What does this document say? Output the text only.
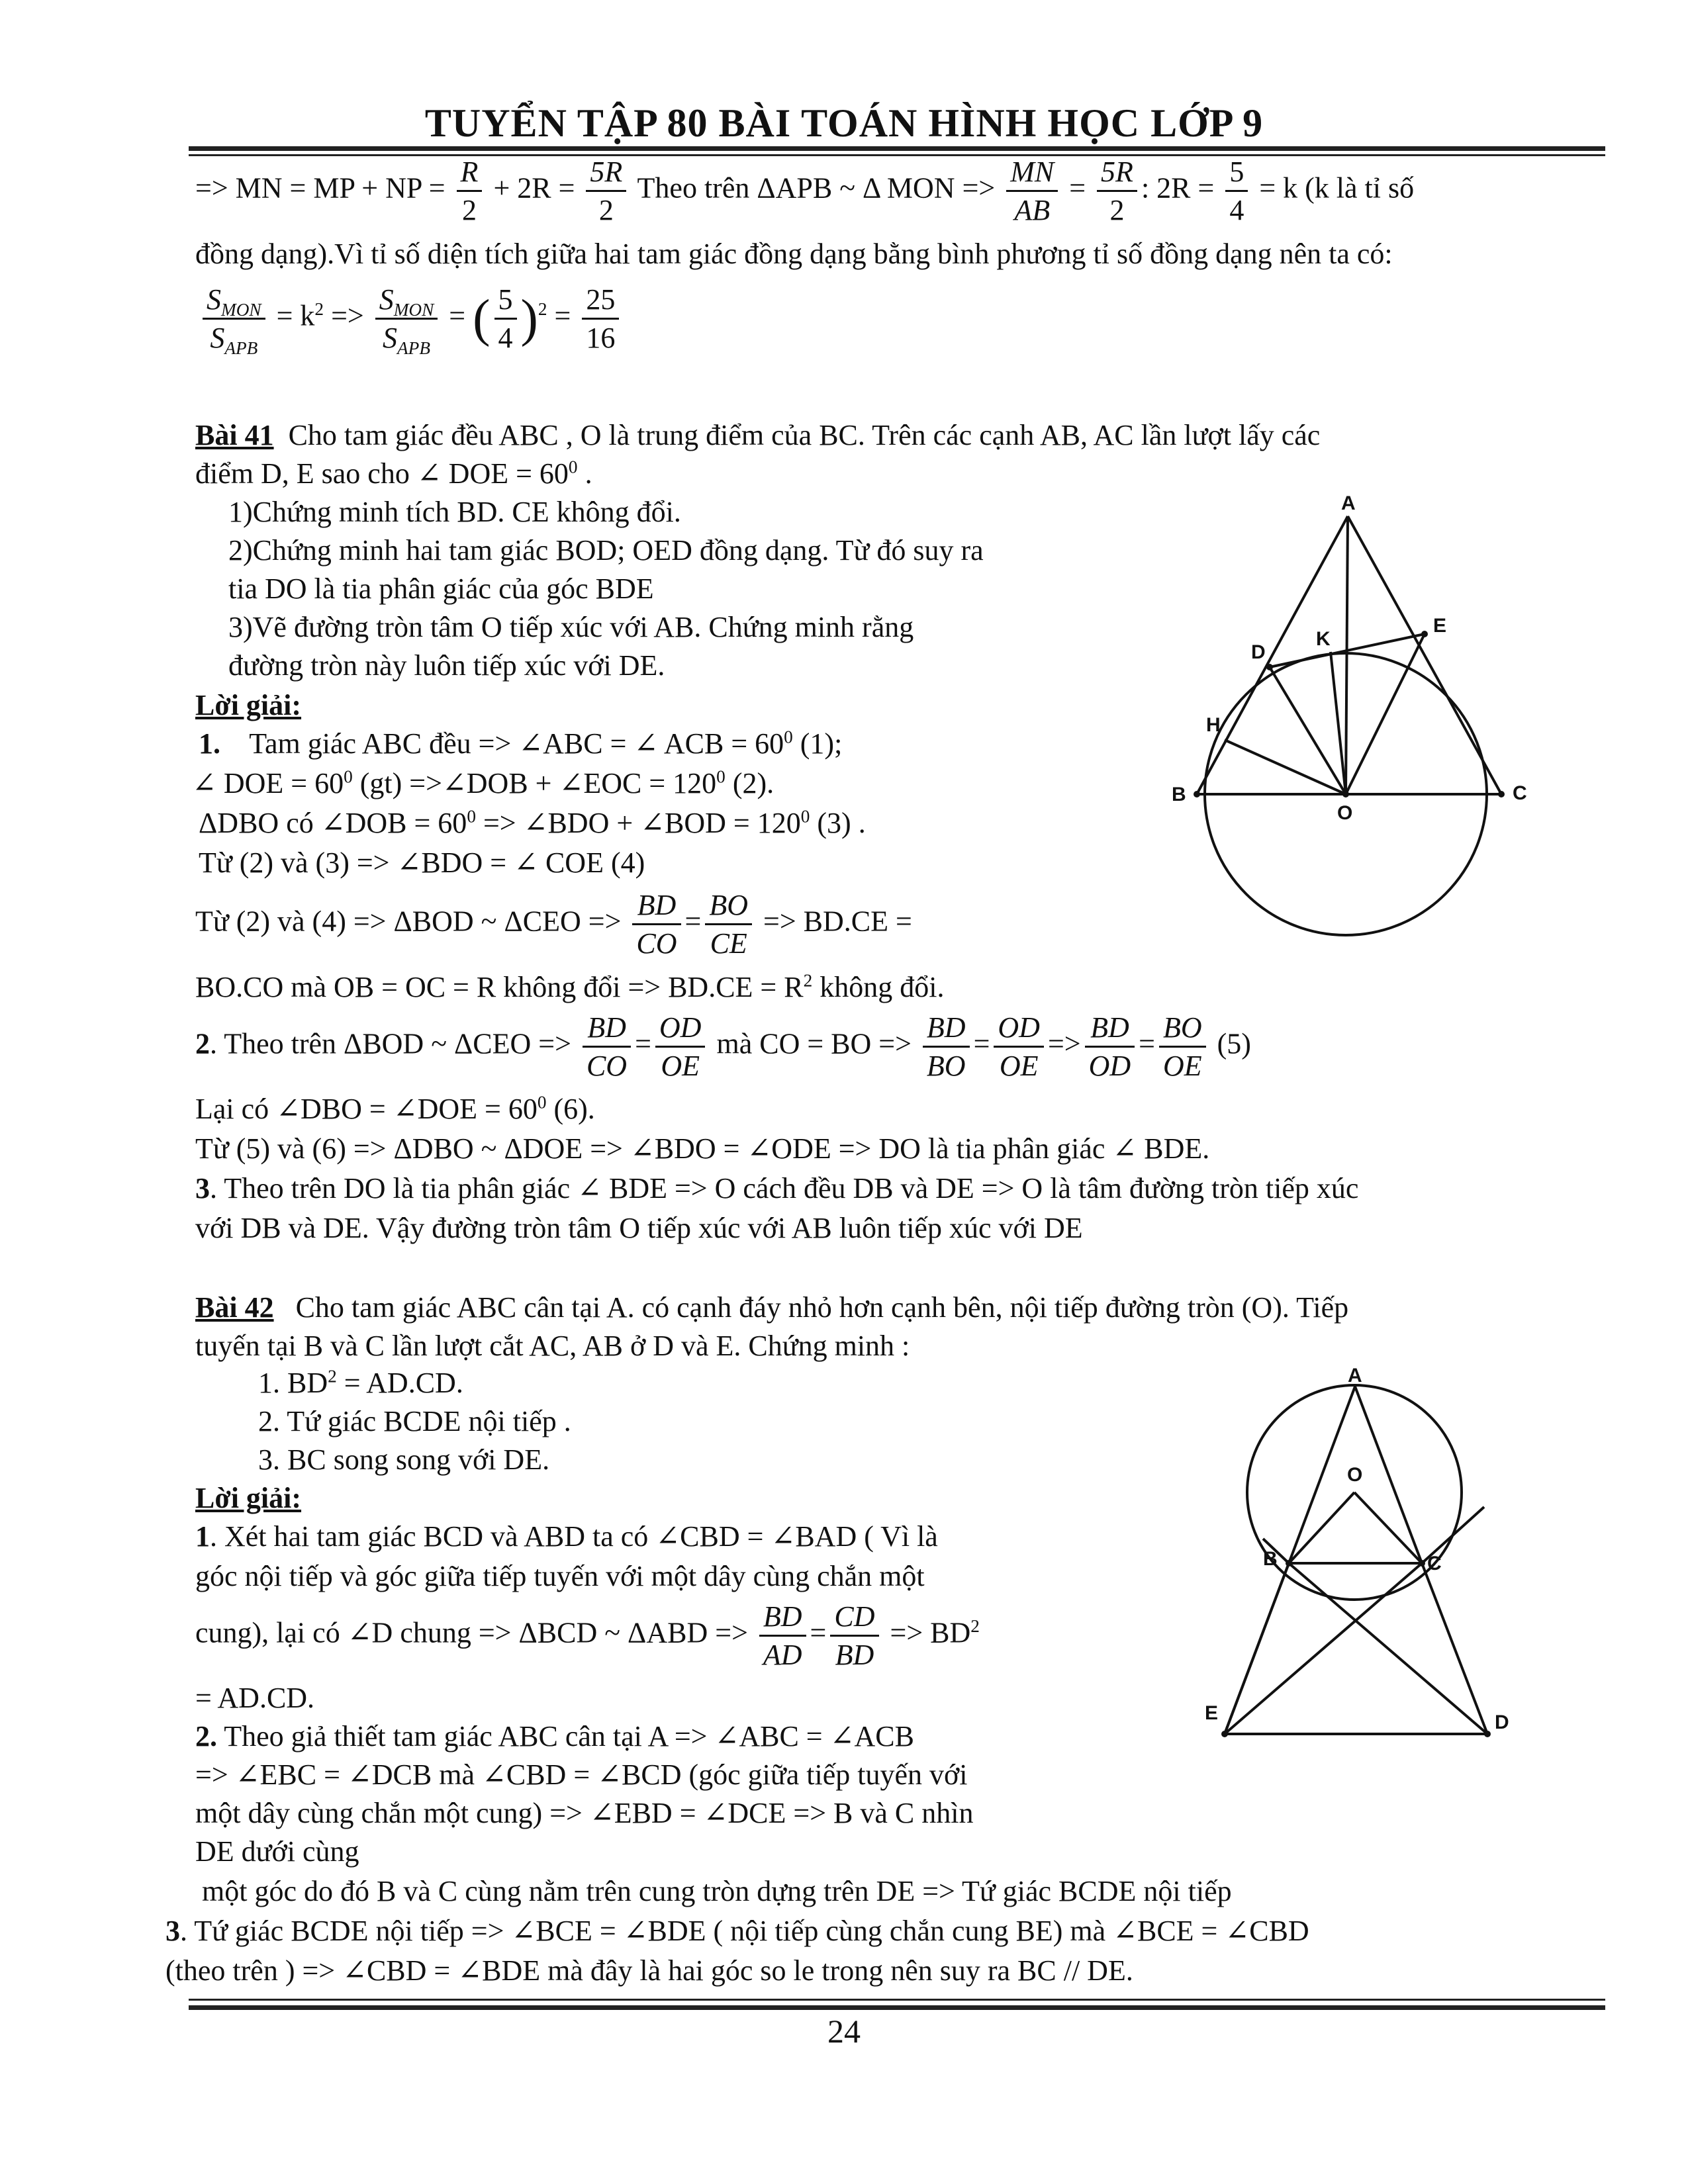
TUYỂN TẬP 80 BÀI TOÁN HÌNH HỌC LỚP 9
=> MN = MP + NP = $\frac{R}{2} + 2R = \frac{5R}{2}$ Theo trên ΔAPB ~ Δ MON => $\frac{MN}{AB} = \frac{5R}{2}$ : $2R = \frac{5}{4} = k$ (k là tỉ số
đồng dạng).Vì tỉ số diện tích giữa hai tam giác đồng dạng bằng bình phương tỉ số đồng dạng nên ta có:
$\frac{S_{MON}}{S_{APB}} = k^2 => \frac{S_{MON}}{S_{APB}}$ = ( $\frac{5}{4} )^2 = \frac{25}{16}$
Bài 41 Cho tam giác đều ABC , O là trung điểm của BC. Trên các cạnh AB, AC lần lượt lấy các
điểm D, E sao cho ∠ DOE = $60^0$ .
1)Chứng minh tích BD. CE không đổi.
2)Chứng minh hai tam giác BOD; OED đồng dạng. Từ đó suy ra
tia DO là tia phân giác của góc BDE
3)Vẽ đường tròn tâm O tiếp xúc với AB. Chứng minh rằng
đường tròn này luôn tiếp xúc với DE.
Lời giải:
1. Tam giác ABC đều => ∠ABC = ∠ ACB = $60^0$ (1);
∠ DOE = $60^0$ (gt) =>∠DOB + ∠EOC = $120^0$ (2).
ΔDBO có ∠DOB = $60^0$ => ∠BDO + ∠BOD = $120^0$ (3) .
Từ (2) và (3) => ∠BDO = ∠ COE (4)
Từ (2) và (4) => ΔBOD ~ $\Delta CEO => \frac{BD}{CO} = \frac{BO}{CE} => BD.CE$ =
BO.CO mà OB = OC = R không đổi => $BD.CE = R^2$ không đổi.
2. Theo trên ΔBOD ~ $\Delta CEO => \frac{BD}{CO} = \frac{OD}{OE}$ mà CO = BO => $\frac{BD}{BO} = \frac{OD}{OE} => \frac{BD}{OD} = \frac{BO}{OE} (5)$
Lại có ∠DBO = ∠DOE = $60^0$ (6).
Từ (5) và (6) => ΔDBO ~ ΔDOE => ∠BDO = ∠ODE => DO là tia phân giác ∠ BDE.
3. Theo trên DO là tia phân giác ∠ BDE => O cách đều DB và DE => O là tâm đường tròn tiếp xúc
với DB và DE. Vậy đường tròn tâm O tiếp xúc với AB luôn tiếp xúc với DE
A
B	C
D
E
H
K
O
Bài 42 Cho tam giác ABC cân tại A. có cạnh đáy nhỏ hơn cạnh bên, nội tiếp đường tròn (O). Tiếp
tuyến tại B và C lần lượt cắt AC, AB ở D và E. Chứng minh :
1. $BD^2 = AD.CD$.
2. Tứ giác BCDE nội tiếp .
3. BC song song với DE.
Lời giải:
1. Xét hai tam giác BCD và ABD ta có ∠CBD = ∠BAD ( Vì là
góc nội tiếp và góc giữa tiếp tuyến với một dây cùng chắn một
cung), lại có ∠D chung => ΔBCD ~ $\Delta ABD => \frac{BD}{AD} = \frac{CD}{BD} => BD^2$
= AD.CD.
2. Theo giả thiết tam giác ABC cân tại A => ∠ABC = ∠ACB
=> ∠EBC = ∠DCB mà ∠CBD = ∠BCD (góc giữa tiếp tuyến với
một dây cùng chắn một cung) => ∠EBD = ∠DCE => B và C nhìn
DE dưới cùng
một góc do đó B và C cùng nằm trên cung tròn dựng trên DE => Tứ giác BCDE nội tiếp
3. Tứ giác BCDE nội tiếp => ∠BCE = ∠BDE ( nội tiếp cùng chắn cung BE) mà ∠BCE = ∠CBD
(theo trên ) => ∠CBD = ∠BDE mà đây là hai góc so le trong nên suy ra BC // DE.
A
O
B	C
E	D
24
